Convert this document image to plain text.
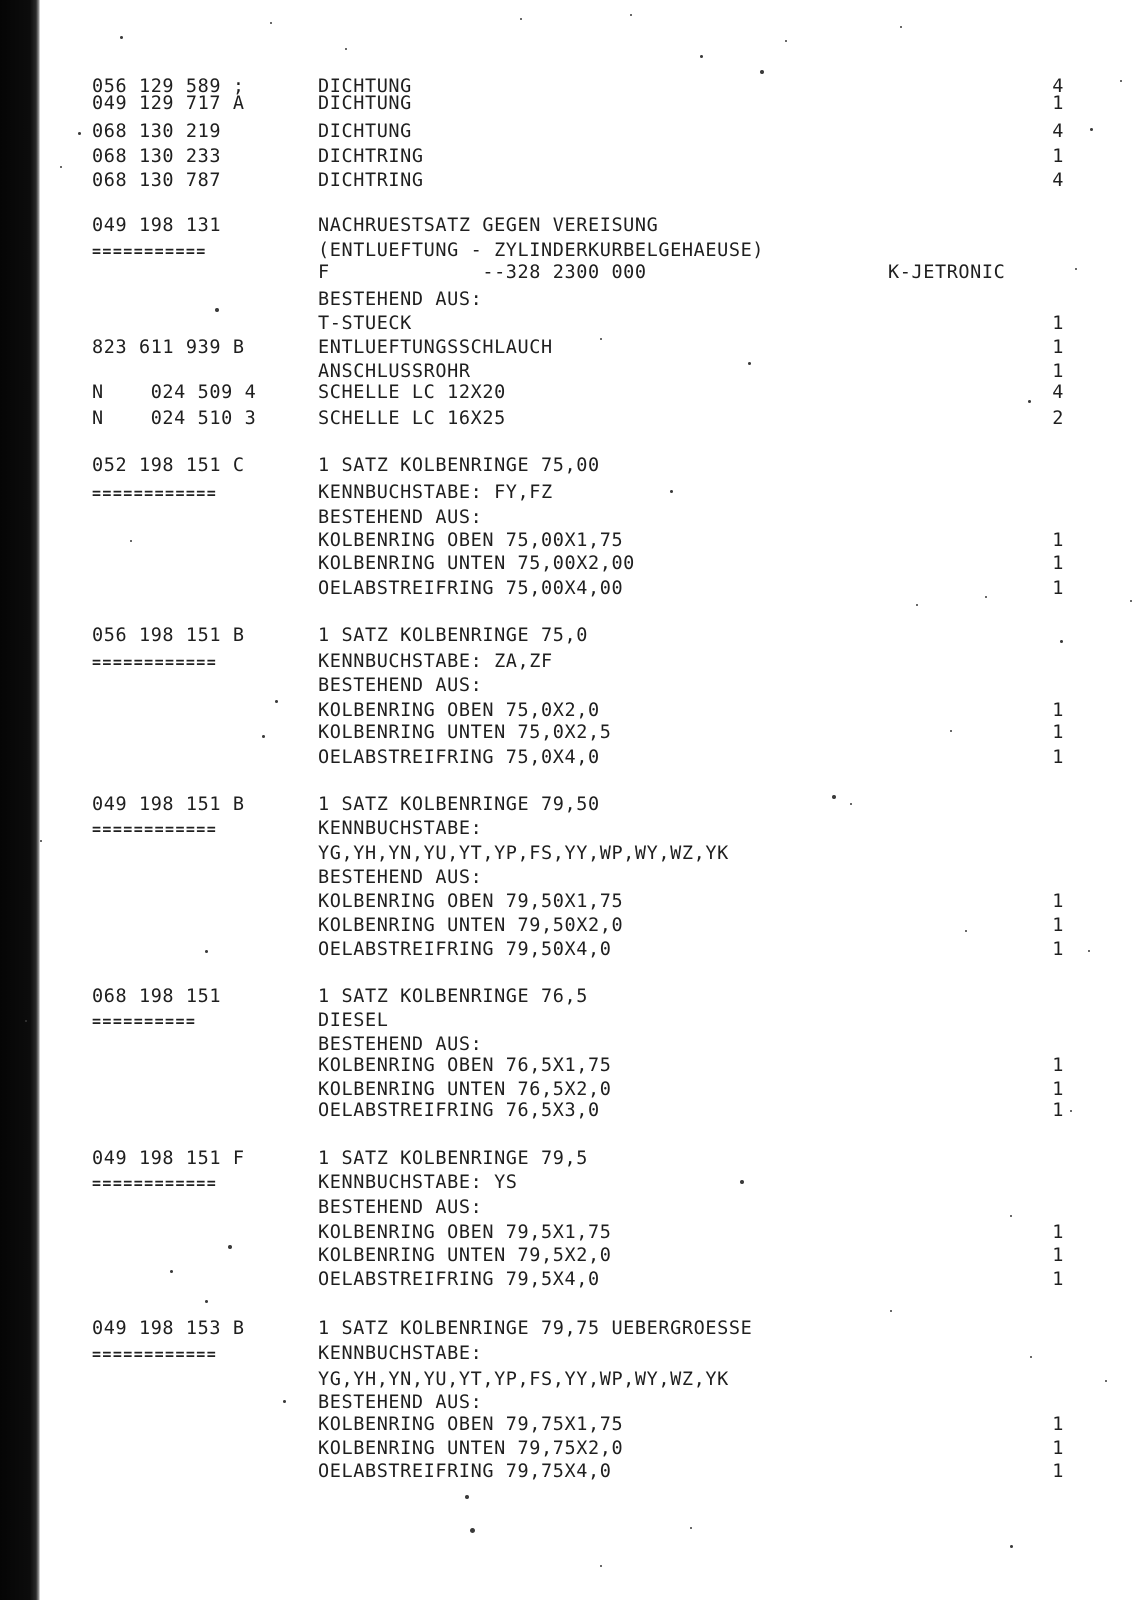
056 129 589 ;	DICHTUNG	4
049 129 717 A	DICHTUNG	1
068 130 219	DICHTUNG	4
068 130 233	DICHTRING	1
068 130 787	DICHTRING	4
049 198 131	NACHRUESTSATZ GEGEN VEREISUNG
===========	(ENTLUEFTUNG - ZYLINDERKURBELGEHAEUSE)
F             --328 2300 000	K-JETRONIC
BESTEHEND AUS:
T-STUECK	1
823 611 939 B	ENTLUEFTUNGSSCHLAUCH	1
ANSCHLUSSROHR	1
N    024 509 4	SCHELLE LC 12X20	4
N    024 510 3	SCHELLE LC 16X25	2
052 198 151 C	1 SATZ KOLBENRINGE 75,00
============	KENNBUCHSTABE: FY,FZ
BESTEHEND AUS:
KOLBENRING OBEN 75,00X1,75	1
KOLBENRING UNTEN 75,00X2,00	1
OELABSTREIFRING 75,00X4,00	1
056 198 151 B	1 SATZ KOLBENRINGE 75,0
============	KENNBUCHSTABE: ZA,ZF
BESTEHEND AUS:
KOLBENRING OBEN 75,0X2,0	1
KOLBENRING UNTEN 75,0X2,5	1
OELABSTREIFRING 75,0X4,0	1
049 198 151 B	1 SATZ KOLBENRINGE 79,50
============	KENNBUCHSTABE:
YG,YH,YN,YU,YT,YP,FS,YY,WP,WY,WZ,YK
BESTEHEND AUS:
KOLBENRING OBEN 79,50X1,75	1
KOLBENRING UNTEN 79,50X2,0	1
OELABSTREIFRING 79,50X4,0	1
068 198 151	1 SATZ KOLBENRINGE 76,5
==========	DIESEL
BESTEHEND AUS:
KOLBENRING OBEN 76,5X1,75	1
KOLBENRING UNTEN 76,5X2,0	1
OELABSTREIFRING 76,5X3,0	1
049 198 151 F	1 SATZ KOLBENRINGE 79,5
============	KENNBUCHSTABE: YS
BESTEHEND AUS:
KOLBENRING OBEN 79,5X1,75	1
KOLBENRING UNTEN 79,5X2,0	1
OELABSTREIFRING 79,5X4,0	1
049 198 153 B	1 SATZ KOLBENRINGE 79,75 UEBERGROESSE
============	KENNBUCHSTABE:
YG,YH,YN,YU,YT,YP,FS,YY,WP,WY,WZ,YK
BESTEHEND AUS:
KOLBENRING OBEN 79,75X1,75	1
KOLBENRING UNTEN 79,75X2,0	1
OELABSTREIFRING 79,75X4,0	1
